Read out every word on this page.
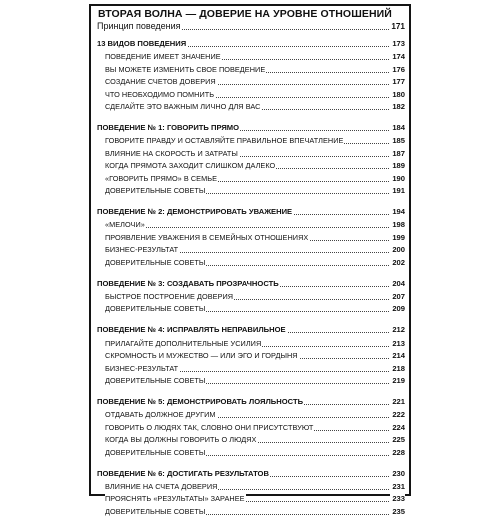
ВТОРАЯ ВОЛНА — ДОВЕРИЕ НА УРОВНЕ ОТНОШЕНИЙ
Принцип поведения	171
13 ВИДОВ ПОВЕДЕНИЯ	173
ПОВЕДЕНИЕ ИМЕЕТ ЗНАЧЕНИЕ	174
ВЫ МОЖЕТЕ ИЗМЕНИТЬ СВОЕ ПОВЕДЕНИЕ	176
СОЗДАНИЕ СЧЕТОВ ДОВЕРИЯ	177
ЧТО НЕОБХОДИМО ПОМНИТЬ	180
СДЕЛАЙТЕ ЭТО ВАЖНЫМ ЛИЧНО ДЛЯ ВАС	182
ПОВЕДЕНИЕ № 1: ГОВОРИТЬ ПРЯМО	184
ГОВОРИТЕ ПРАВДУ И ОСТАВЛЯЙТЕ ПРАВИЛЬНОЕ ВПЕЧАТЛЕНИЕ	185
ВЛИЯНИЕ НА СКОРОСТЬ И ЗАТРАТЫ	187
КОГДА ПРЯМОТА ЗАХОДИТ СЛИШКОМ ДАЛЕКО	189
«ГОВОРИТЬ ПРЯМО» В СЕМЬЕ	190
ДОВЕРИТЕЛЬНЫЕ СОВЕТЫ	191
ПОВЕДЕНИЕ № 2: ДЕМОНСТРИРОВАТЬ УВАЖЕНИЕ	194
«МЕЛОЧИ»	198
ПРОЯВЛЕНИЕ УВАЖЕНИЯ В СЕМЕЙНЫХ ОТНОШЕНИЯХ	199
БИЗНЕС-РЕЗУЛЬТАТ	200
ДОВЕРИТЕЛЬНЫЕ СОВЕТЫ	202
ПОВЕДЕНИЕ № 3: СОЗДАВАТЬ ПРОЗРАЧНОСТЬ	204
БЫСТРОЕ ПОСТРОЕНИЕ ДОВЕРИЯ	207
ДОВЕРИТЕЛЬНЫЕ СОВЕТЫ	209
ПОВЕДЕНИЕ № 4: ИСПРАВЛЯТЬ НЕПРАВИЛЬНОЕ	212
ПРИЛАГАЙТЕ ДОПОЛНИТЕЛЬНЫЕ УСИЛИЯ	213
СКРОМНОСТЬ И МУЖЕСТВО — ИЛИ ЭГО И ГОРДЫНЯ	214
БИЗНЕС-РЕЗУЛЬТАТ	218
ДОВЕРИТЕЛЬНЫЕ СОВЕТЫ	219
ПОВЕДЕНИЕ № 5: ДЕМОНСТРИРОВАТЬ ЛОЯЛЬНОСТЬ	221
ОТДАВАТЬ ДОЛЖНОЕ ДРУГИМ	222
ГОВОРИТЬ О ЛЮДЯХ ТАК, СЛОВНО ОНИ ПРИСУТСТВУЮТ	224
КОГДА ВЫ ДОЛЖНЫ ГОВОРИТЬ О ЛЮДЯХ	225
ДОВЕРИТЕЛЬНЫЕ СОВЕТЫ	228
ПОВЕДЕНИЕ № 6: ДОСТИГАТЬ РЕЗУЛЬТАТОВ	230
ВЛИЯНИЕ НА СЧЕТА ДОВЕРИЯ	231
ПРОЯСНЯТЬ «РЕЗУЛЬТАТЫ» ЗАРАНЕЕ	233
ДОВЕРИТЕЛЬНЫЕ СОВЕТЫ	235
